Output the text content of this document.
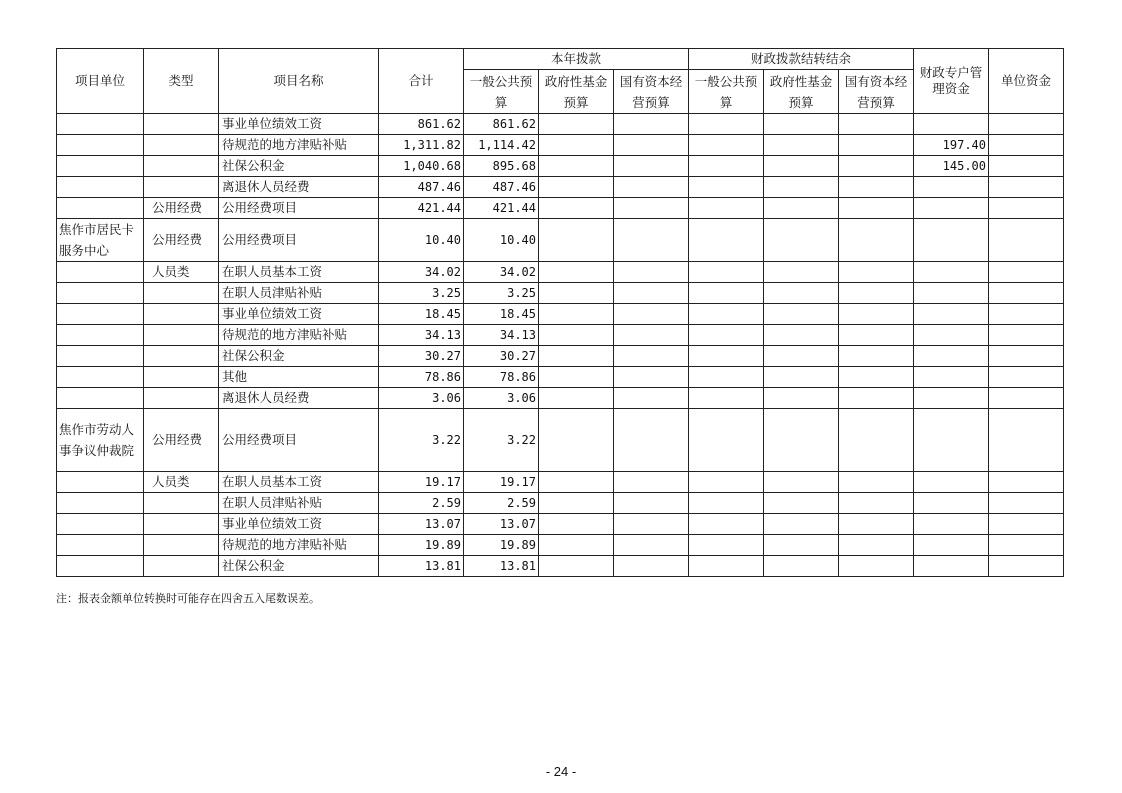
项目单位	类型	项目名称	合计	本年拨款			财政拨款结转结余			财政专户管理资金	单位资金
				一般公共预算	政府性基金预算	国有资本经营预算	一般公共预算	政府性基金预算	国有资本经营预算		
		事业单位绩效工资	861.62	861.62							
		待规范的地方津贴补贴	1,311.82	1,114.42						197.40	
		社保公积金	1,040.68	895.68						145.00	
		离退休人员经费	487.46	487.46							
	公用经费	公用经费项目	421.44	421.44							
焦作市居民卡服务中心	公用经费	公用经费项目	10.40	10.40							
	人员类	在职人员基本工资	34.02	34.02							
		在职人员津贴补贴	3.25	3.25							
		事业单位绩效工资	18.45	18.45							
		待规范的地方津贴补贴	34.13	34.13							
		社保公积金	30.27	30.27							
		其他	78.86	78.86							
		离退休人员经费	3.06	3.06							
焦作市劳动人事争议仲裁院	公用经费	公用经费项目	3.22	3.22							
	人员类	在职人员基本工资	19.17	19.17							
		在职人员津贴补贴	2.59	2.59							
		事业单位绩效工资	13.07	13.07							
		待规范的地方津贴补贴	19.89	19.89							
		社保公积金	13.81	13.81							
注：报表金额单位转换时可能存在四舍五入尾数误差。
- 24 -
